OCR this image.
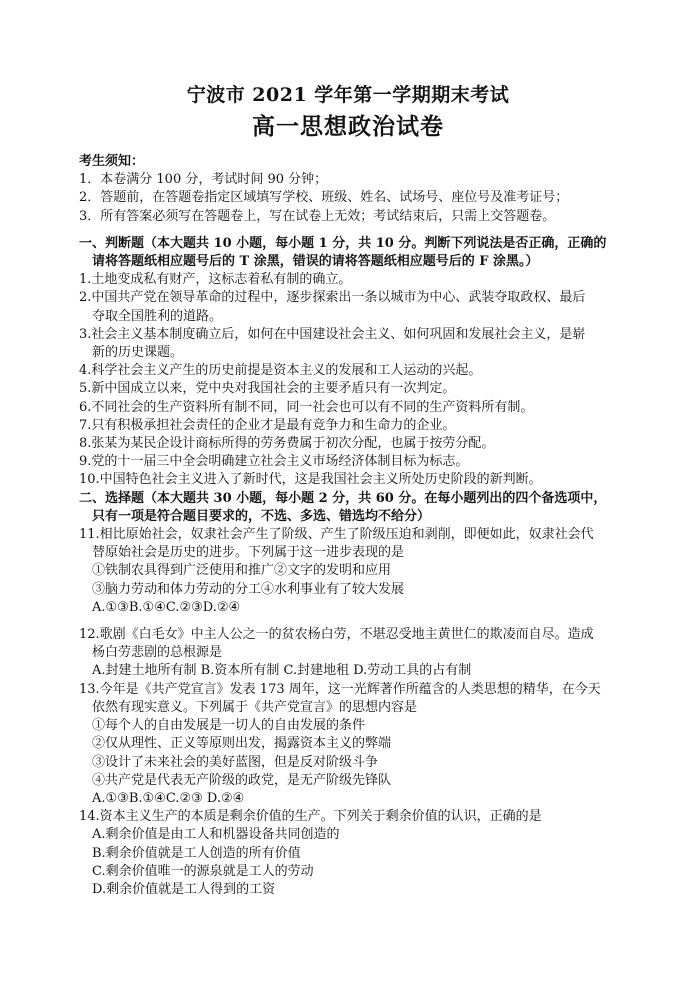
宁波市 2021 学年第一学期期末考试
高一思想政治试卷
考生须知：
1．本卷满分 100 分，考试时间 90 分钟；
2．答题前，在答题卷指定区域填写学校、班级、姓名、试场号、座位号及准考证号；
3．所有答案必须写在答题卷上，写在试卷上无效；考试结束后，只需上交答题卷。
一、判断题（本大题共 10 小题，每小题 1 分，共 10 分。判断下列说法是否正确，正确的
请将答题纸相应题号后的 T 涂黑，错误的请将答题纸相应题号后的 F 涂黑。）
1.土地变成私有财产，这标志着私有制的确立。
2.中国共产党在领导革命的过程中，逐步探索出一条以城市为中心、武装夺取政权、最后
夺取全国胜利的道路。
3.社会主义基本制度确立后，如何在中国建设社会主义、如何巩固和发展社会主义，是崭
新的历史课题。
4.科学社会主义产生的历史前提是资本主义的发展和工人运动的兴起。
5.新中国成立以来，党中央对我国社会的主要矛盾只有一次判定。
6.不同社会的生产资料所有制不同，同一社会也可以有不同的生产资料所有制。
7.只有积极承担社会责任的企业才是最有竞争力和生命力的企业。
8.张某为某民企设计商标所得的劳务费属于初次分配，也属于按劳分配。
9.党的十一届三中全会明确建立社会主义市场经济体制目标为标志。
10.中国特色社会主义进入了新时代，这是我国社会主义所处历史阶段的新判断。
二、选择题（本大题共 30 小题，每小题 2 分，共 60 分。在每小题列出的四个备选项中，
只有一项是符合题目要求的，不选、多选、错选均不给分）
11.相比原始社会，奴隶社会产生了阶级、产生了阶级压迫和剥削，即便如此，奴隶社会代
替原始社会是历史的进步。下列属于这一进步表现的是
①铁制农具得到广泛使用和推广②文字的发明和应用
③脑力劳动和体力劳动的分工④水利事业有了较大发展
A.①③B.①④C.②③D.②④
12.歌剧《白毛女》中主人公之一的贫农杨白劳，不堪忍受地主黄世仁的欺凌而自尽。造成
杨白劳悲剧的总根源是
A.封建土地所有制 B.资本所有制 C.封建地租 D.劳动工具的占有制
13.今年是《共产党宣言》发表 173 周年，这一光辉著作所蕴含的人类思想的精华，在今天
依然有现实意义。下列属于《共产党宣言》的思想内容是
①每个人的自由发展是一切人的自由发展的条件
②仅从理性、正义等原则出发，揭露资本主义的弊端
③设计了未来社会的美好蓝图，但是反对阶级斗争
④共产党是代表无产阶级的政党，是无产阶级先锋队
A.①③B.①④C.②③ D.②④
14.资本主义生产的本质是剩余价值的生产。下列关于剩余价值的认识，正确的是
A.剩余价值是由工人和机器设备共同创造的
B.剩余价值就是工人创造的所有价值
C.剩余价值唯一的源泉就是工人的劳动
D.剩余价值就是工人得到的工资
